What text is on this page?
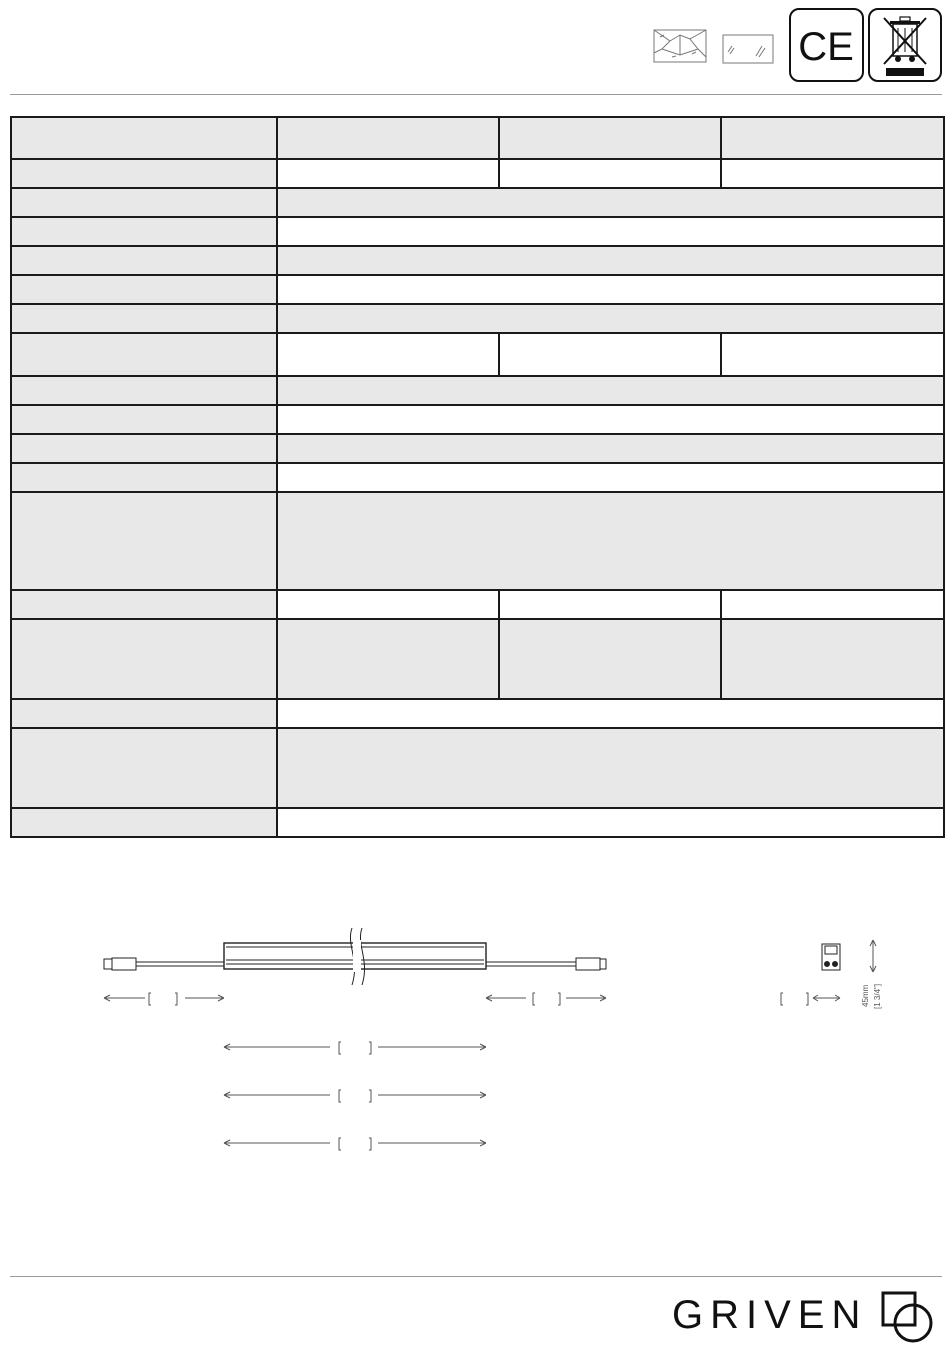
CE

45mm [1 3/4"]
GRIVEN
